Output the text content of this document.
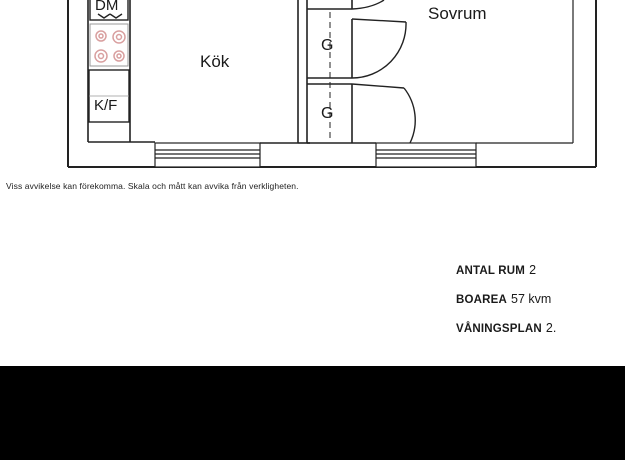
DM
K/F
Kök
Sovrum
G
G
Viss avvikelse kan förekomma. Skala och mått kan avvika från verkligheten.
ANTAL RUM 2
BOAREA 57 kvm
VÅNINGSPLAN 2.
